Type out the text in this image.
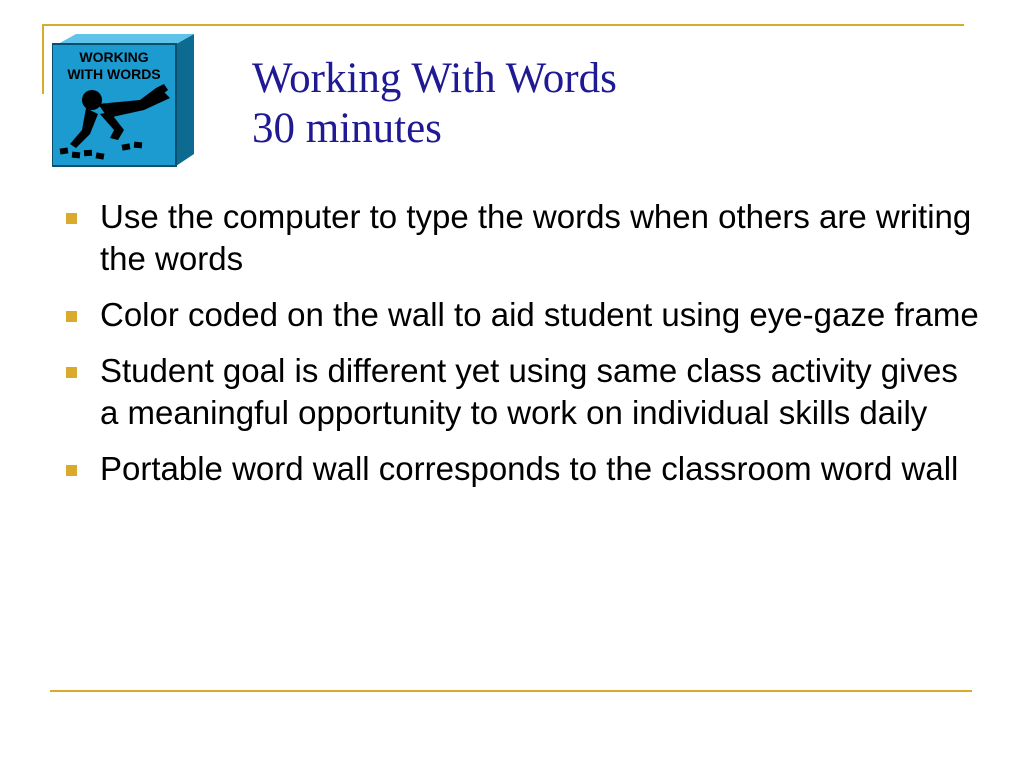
WORKING
WITH WORDS Working With Words
30 minutes
Use the computer to type the words when others are writing the words
Color coded on the wall to aid student using eye-gaze frame
Student goal is different yet using same class activity gives a meaningful opportunity to work on individual skills daily
Portable word wall corresponds to the classroom word wall
